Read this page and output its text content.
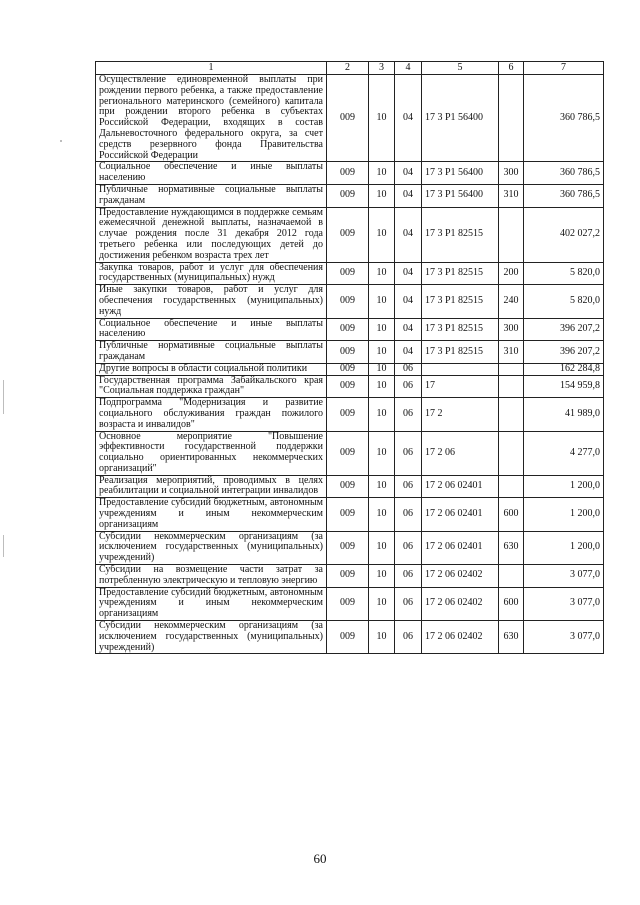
1	2	3	4	5	6	7
Осуществление единовременной выплаты при рождении первого ребенка, а также предоставление регионального материнского (семейного) капитала при рождении второго ребенка в субъектах Российской Федерации, входящих в состав Дальневосточного федерального округа, за счет средств резервного фонда Правительства Российской Федерации	009	10	04	17 3 P1 56400		360 786,5
Социальное обеспечение и иные выплаты населению	009	10	04	17 3 P1 56400	300	360 786,5
Публичные нормативные социальные выплаты гражданам	009	10	04	17 3 P1 56400	310	360 786,5
Предоставление нуждающимся в поддержке семьям ежемесячной денежной выплаты, назначаемой в случае рождения после 31 декабря 2012 года третьего ребенка или последующих детей до достижения ребенком возраста трех лет	009	10	04	17 3 P1 82515		402 027,2
Закупка товаров, работ и услуг для обеспечения государственных (муниципальных) нужд	009	10	04	17 3 P1 82515	200	5 820,0
Иные закупки товаров, работ и услуг для обеспечения государственных (муниципальных) нужд	009	10	04	17 3 P1 82515	240	5 820,0
Социальное обеспечение и иные выплаты населению	009	10	04	17 3 P1 82515	300	396 207,2
Публичные нормативные социальные выплаты гражданам	009	10	04	17 3 P1 82515	310	396 207,2
Другие вопросы в области социальной политики	009	10	06			162 284,8
Государственная программа Забайкальского края "Социальная поддержка граждан"	009	10	06	17		154 959,8
Подпрограмма "Модернизация и развитие социального обслуживания граждан пожилого возраста и инвалидов"	009	10	06	17 2		41 989,0
Основное мероприятие "Повышение эффективности государственной поддержки социально ориентированных некоммерческих организаций"	009	10	06	17 2 06		4 277,0
Реализация мероприятий, проводимых в целях реабилитации и социальной интеграции инвалидов	009	10	06	17 2 06 02401		1 200,0
Предоставление субсидий бюджетным, автономным учреждениям и иным некоммерческим организациям	009	10	06	17 2 06 02401	600	1 200,0
Субсидии некоммерческим организациям (за исключением государственных (муниципальных) учреждений)	009	10	06	17 2 06 02401	630	1 200,0
Субсидии на возмещение части затрат за потребленную электрическую и тепловую энергию	009	10	06	17 2 06 02402		3 077,0
Предоставление субсидий бюджетным, автономным учреждениям и иным некоммерческим организациям	009	10	06	17 2 06 02402	600	3 077,0
Субсидии некоммерческим организациям (за исключением государственных (муниципальных) учреждений)	009	10	06	17 2 06 02402	630	3 077,0
60
